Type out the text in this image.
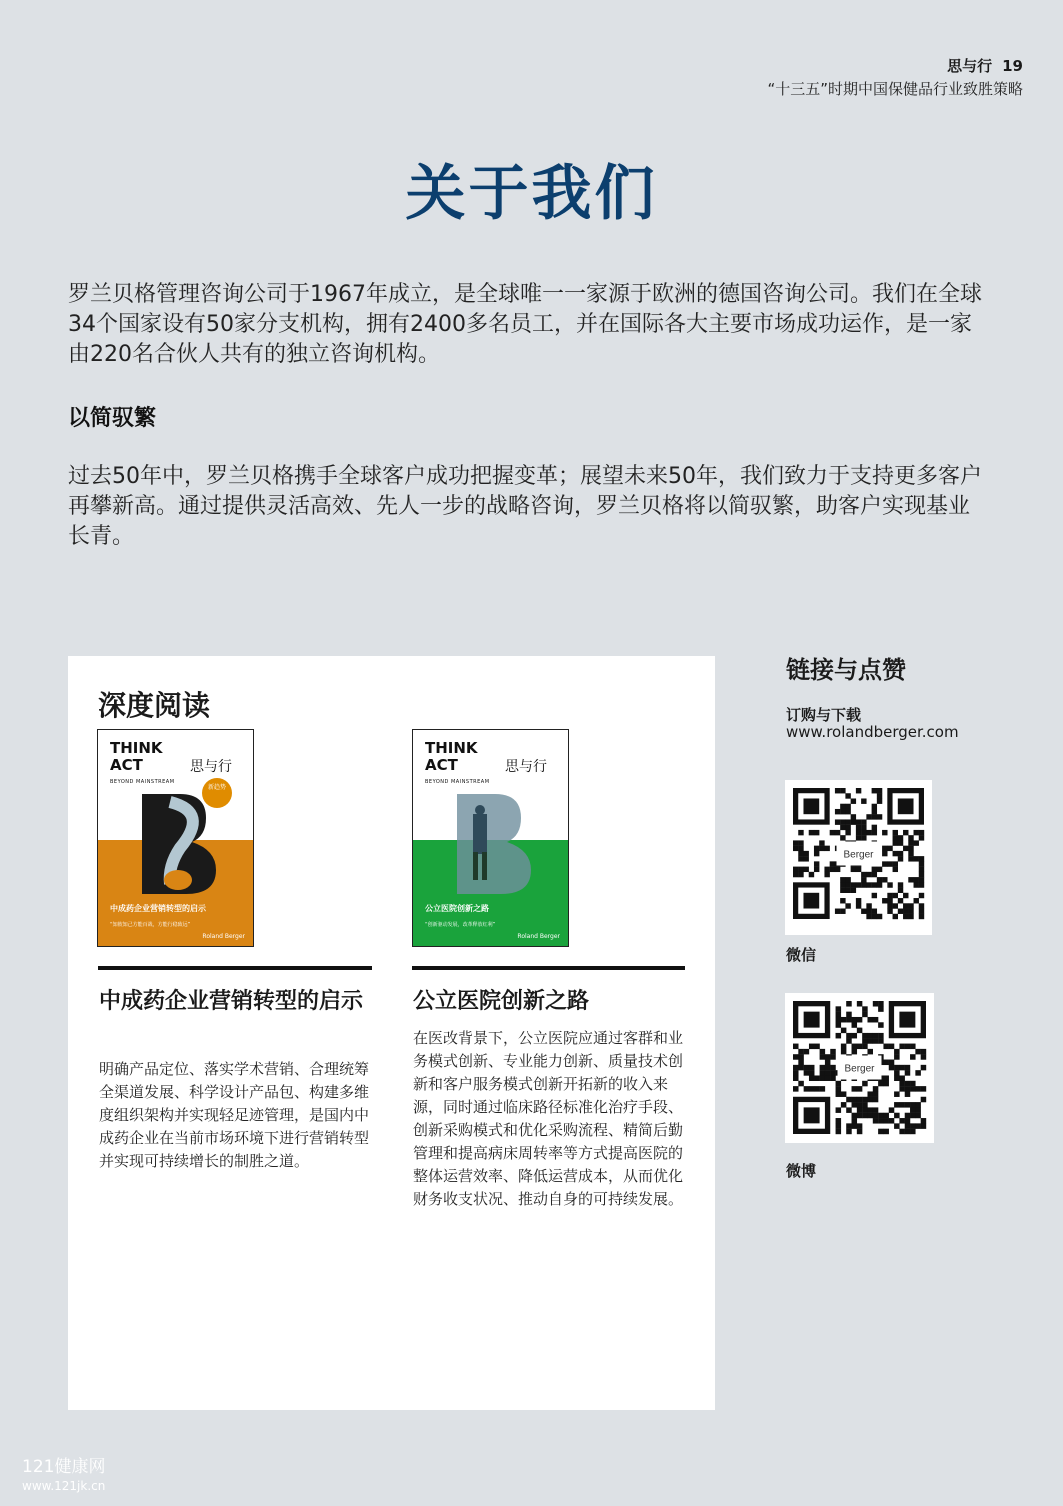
思与行 19
“十三五”时期中国保健品行业致胜策略
关于我们
罗兰贝格管理咨询公司于1967年成立，是全球唯一一家源于欧洲的德国咨询公司。我们在全球34个国家设有50家分支机构，拥有2400多名员工，并在国际各大主要市场成功运作，是一家由220名合伙人共有的独立咨询机构。
以简驭繁
过去50年中，罗兰贝格携手全球客户成功把握变革；展望未来50年，我们致力于支持更多客户再攀新高。通过提供灵活高效、先人一步的战略咨询，罗兰贝格将以简驭繁，助客户实现基业长青。
深度阅读
THINK
ACT
BEYOND MAINSTREAM
思与行
新趋势
中成药企业营销转型的启示
“知彼知己方能百战，方能行稳致远”
Roland Berger
THINK
ACT
BEYOND MAINSTREAM
思与行
公立医院创新之路
“创新驱动发展，改革释放红利”
Roland Berger
中成药企业营销转型的启示
明确产品定位、落实学术营销、合理统筹全渠道发展、科学设计产品包、构建多维度组织架构并实现轻足迹管理，是国内中成药企业在当前市场环境下进行营销转型并实现可持续增长的制胜之道。
公立医院创新之路
在医改背景下，公立医院应通过客群和业务模式创新、专业能力创新、质量技术创新和客户服务模式创新开拓新的收入来源，同时通过临床路径标准化治疗手段、创新采购模式和优化采购流程、精简后勤管理和提高病床周转率等方式提高医院的整体运营效率、降低运营成本，从而优化财务收支状况、推动自身的可持续发展。
链接与点赞
订购与下载
www.rolandberger.com
Berger
微信
Berger
微博
121健康网
www.121jk.cn
